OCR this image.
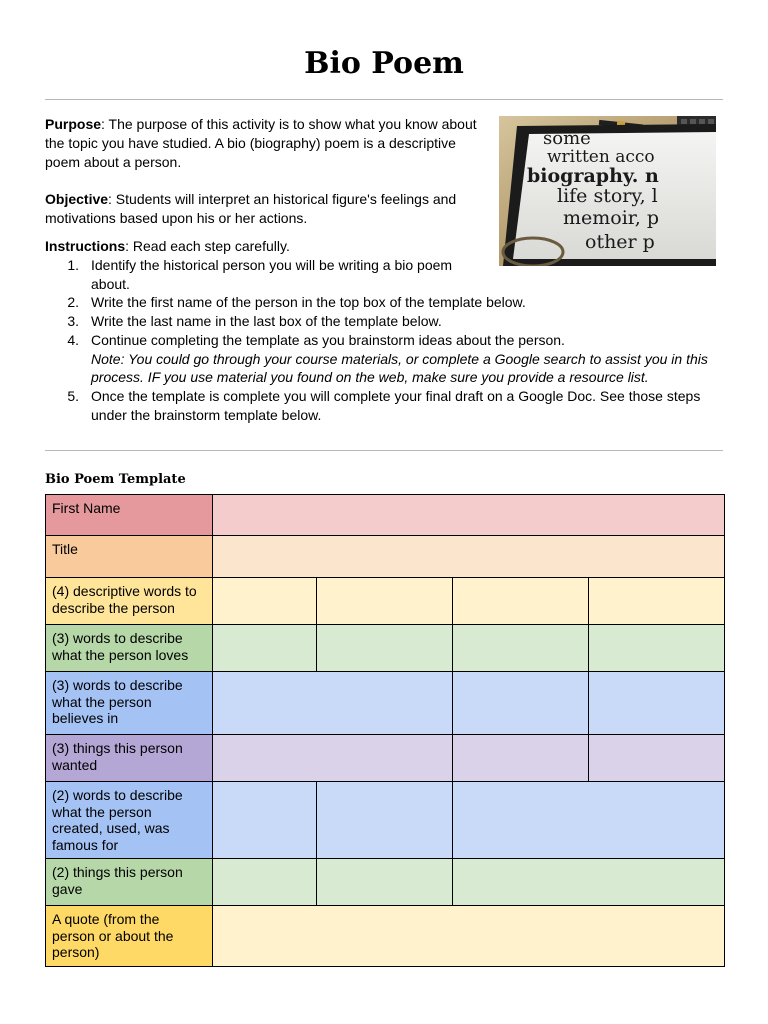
Bio Poem
Purpose: The purpose of this activity is to show what you know about the topic you have studied. A bio (biography) poem is a descriptive poem about a person.
Objective: Students will interpret an historical figure's feelings and motivations based upon his or her actions.
Instructions: Read each step carefully.
1. Identify the historical person you will be writing a bio poem about.
2. Write the first name of the person in the top box of the template below.
3. Write the last name in the last box of the template below.
4. Continue completing the template as you brainstorm ideas about the person.
Note: You could go through your course materials, or complete a Google search to assist you in this process. IF you use material you found on the web, make sure you provide a resource list.
5. Once the template is complete you will complete your final draft on a Google Doc. See those steps under the brainstorm template below.
some
written acco
biography. n
life story, l
memoir, p
other p
Bio Poem Template
First Name				
Title				
(4) descriptive words to describe the person				
(3) words to describe what the person loves				
(3) words to describe what the person believes in				
(3) things this person wanted				
(2) words to describe what the person created, used, was famous for				
(2) things this person gave				
A quote (from the person or about the person)				
